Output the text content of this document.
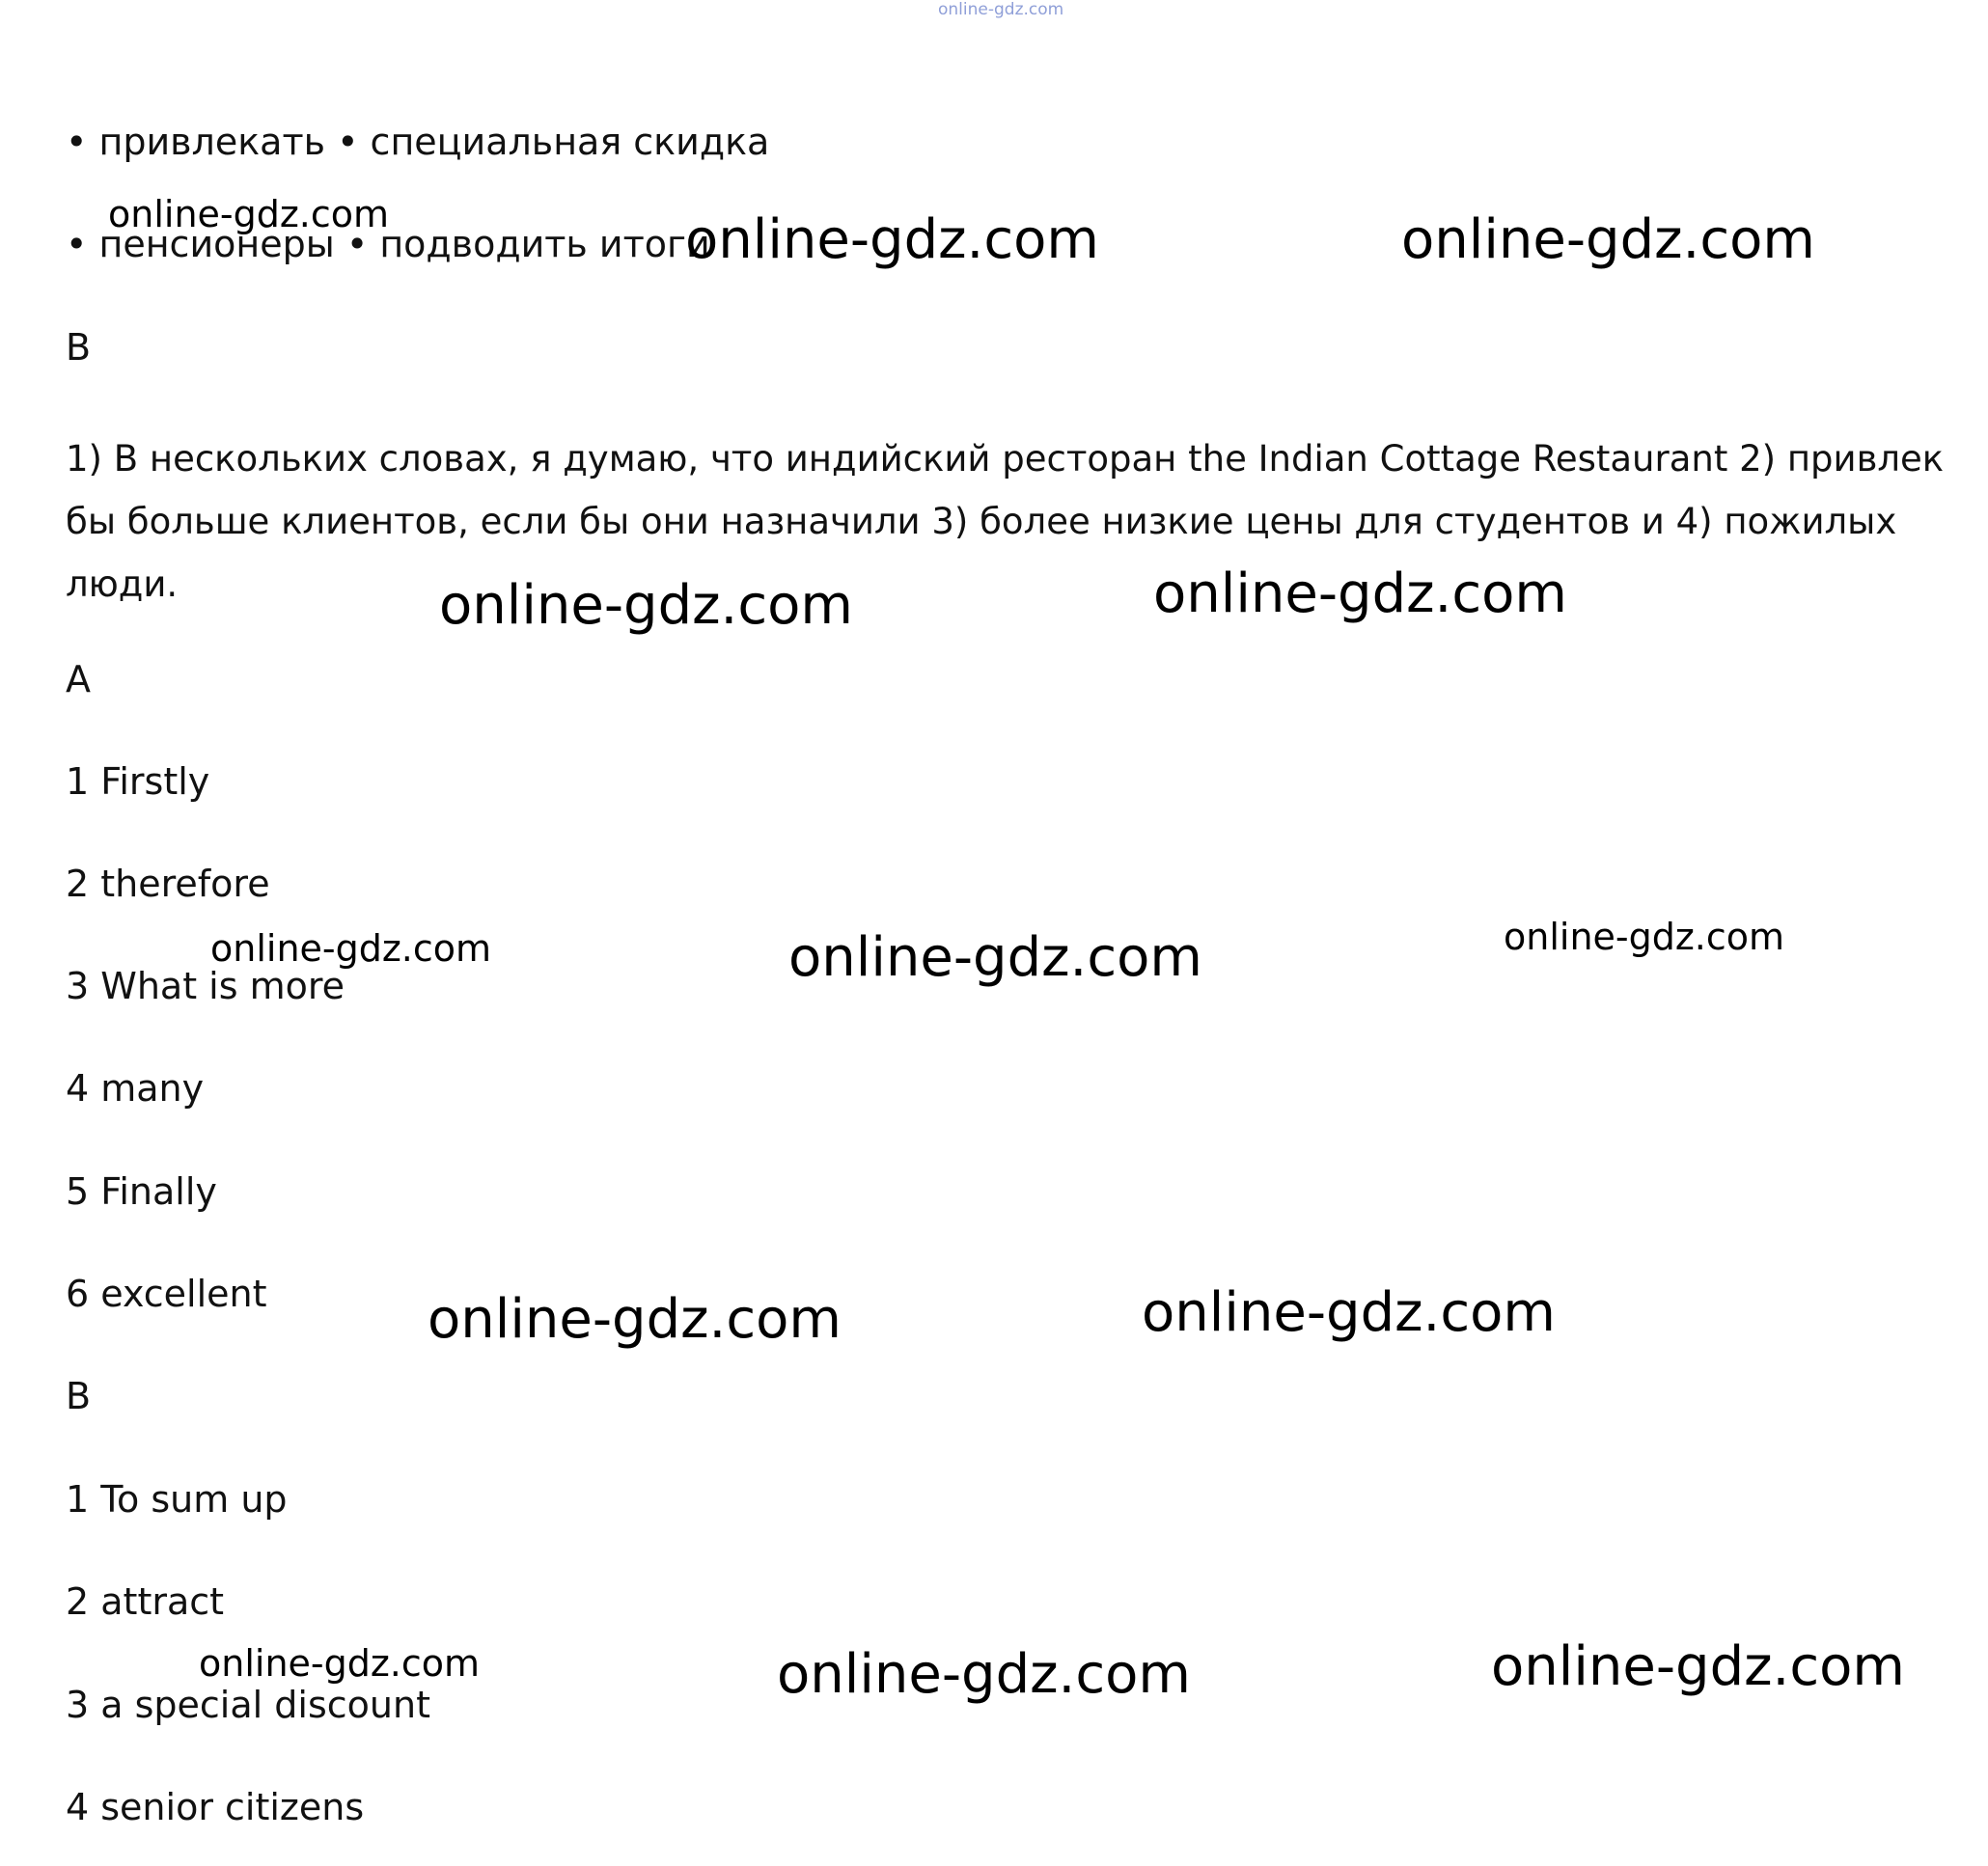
online-gdz.com
• привлекать • специальная скидка
• пенсионеры • подводить итоги
B

1) В нескольких словах, я думаю, что индийский ресторан the Indian Cottage Restaurant 2) привлек бы больше клиентов, если бы они назначили 3) более низкие цены для студентов и 4) пожилых люди.

A
1 Firstly
2 therefore
3 What is more
4 many
5 Finally
6 excellent
B
1 To sum up
2 attract
3 a special discount
4 senior citizens
online-gdz.com	online-gdz.com	online-gdz.com
online-gdz.com	online-gdz.com
online-gdz.com	online-gdz.com	online-gdz.com
online-gdz.com	online-gdz.com
online-gdz.com	online-gdz.com	online-gdz.com
